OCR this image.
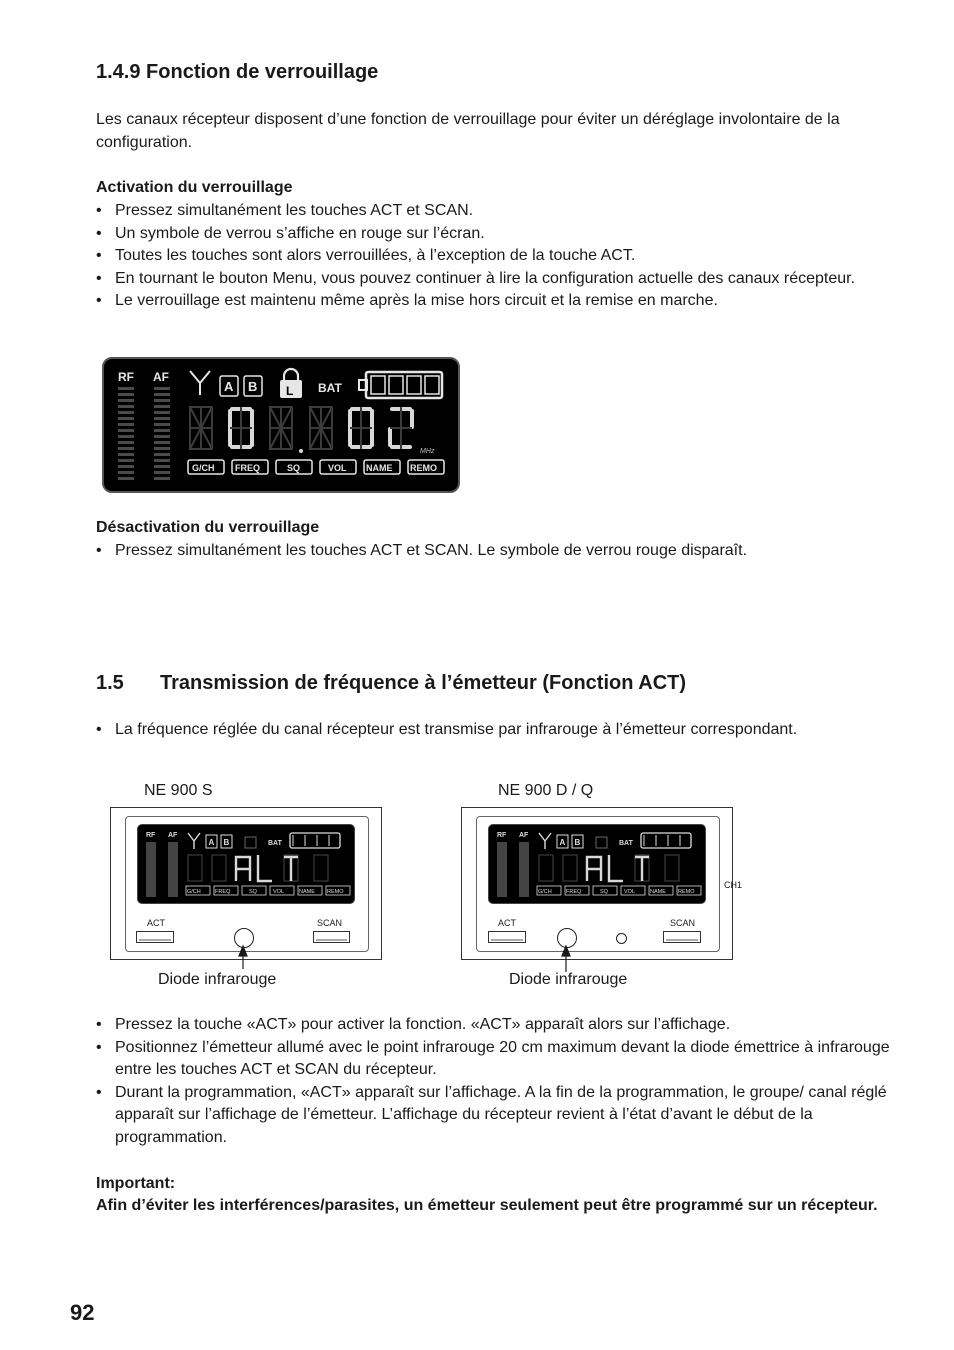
1.4.9 Fonction de verrouillage

Les canaux récepteur disposent d’une fonction de verrouillage pour éviter un déréglage involontaire de la configuration.

Activation du verrouillage

• Pressez simultanément les touches ACT et SCAN.
• Un symbole de verrou s’affiche en rouge sur l’écran.
• Toutes les touches sont alors verrouillées, à l’exception de la touche ACT.
• En tournant le bouton Menu, vous pouvez continuer à lire la configuration actuelle des canaux récepteur.
• Le verrouillage est maintenu même après la mise hors circuit et la remise en marche.
RF AF
A B L BAT
MHz
G/CH FREQ	SQ	VOL NAME REMO

Désactivation du verrouillage

• Pressez simultanément les touches ACT et SCAN. Le symbole de verrou rouge disparaît.
1.5 Transmission de fréquence à l’émetteur (Fonction ACT)
• La fréquence réglée du canal récepteur est transmise par infrarouge à l’émetteur correspondant.

NE 900 S	NE 900 D / Q

RF AF
A B	BAT
G/CH	FREQ	SQ	VOL	NAME REMO
ACT	SCAN
RF AF
A B	BAT
G/CH	FREQ	SQ	VOL	NAME REMO
CH1
ACT	SCAN

Diode infrarouge	Diode infrarouge

• Pressez la touche «ACT» pour activer la fonction. «ACT» apparaît alors sur l’affichage.
• Positionnez l’émetteur allumé avec le point infrarouge 20 cm maximum devant la diode émettrice à infrarouge entre les touches ACT et SCAN du récepteur.
• Durant la programmation, «ACT» apparaît sur l’affichage. A la fin de la programmation, le groupe/ canal réglé apparaît sur l’affichage de l’émetteur. L’affichage du récepteur revient à l’état d’avant le début de la programmation.

Important:

Afin d’éviter les interférences/parasites, un émetteur seulement peut être programmé sur un récepteur.

92
